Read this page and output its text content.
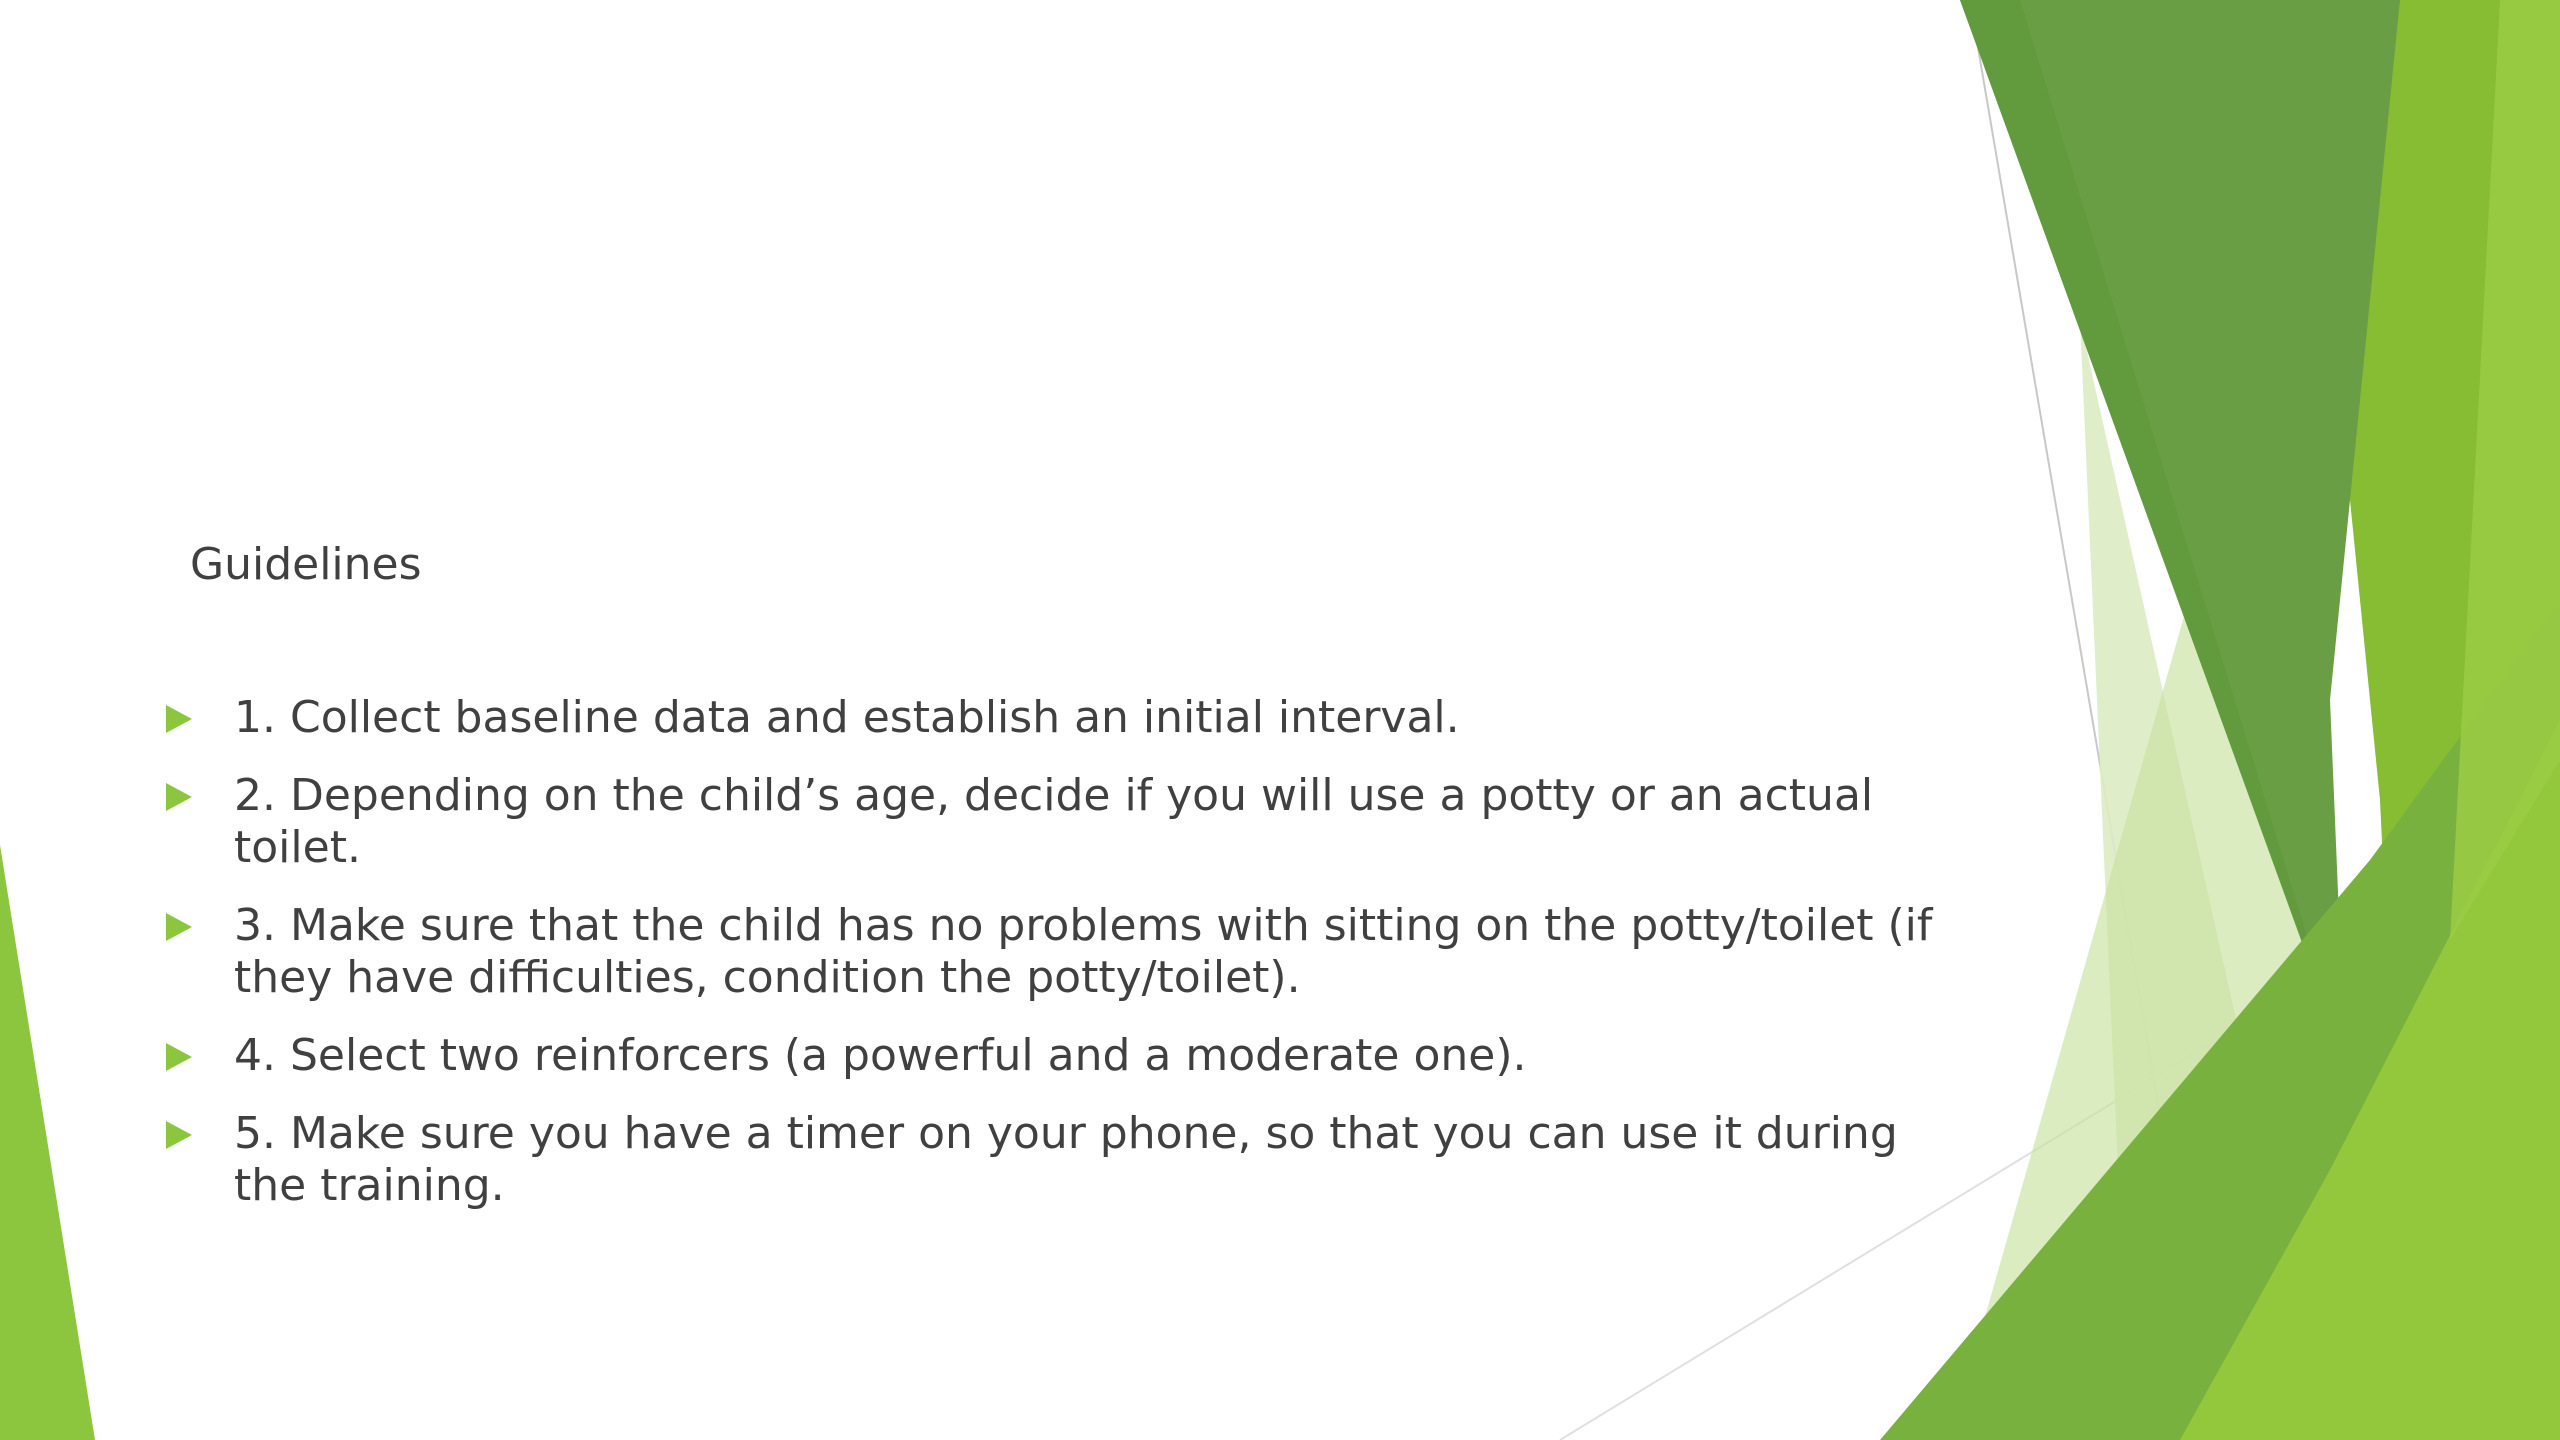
Guidelines
1. Collect baseline data and establish an initial interval.
2. Depending on the child’s age, decide if you will use a potty or an actual toilet.
3. Make sure that the child has no problems with sitting on the potty/toilet (if they have difficulties, condition the potty/toilet).
4. Select two reinforcers (a powerful and a moderate one).
5. Make sure you have a timer on your phone, so that you can use it during the training.
